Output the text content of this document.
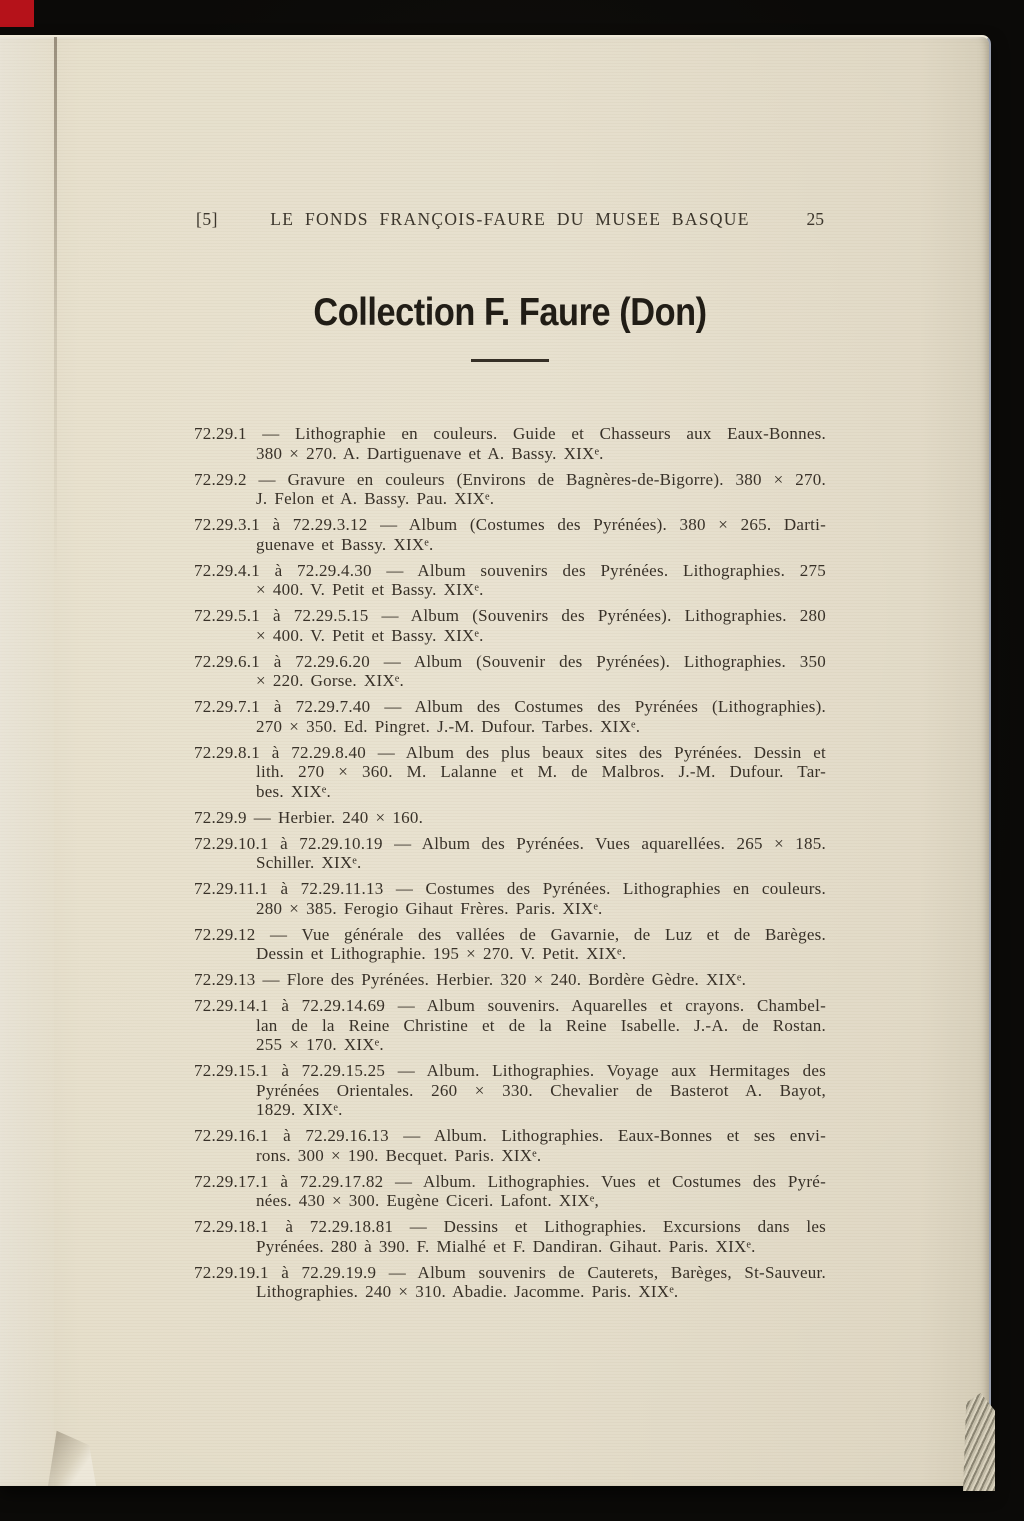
[5]	LE FONDS FRANÇOIS-FAURE DU MUSEE BASQUE	25
Collection F. Faure (Don)
72.29.1 — Lithographie en couleurs. Guide et Chasseurs aux Eaux-Bonnes.
380 × 270. A. Dartiguenave et A. Bassy. XIXᵉ.
72.29.2 — Gravure en couleurs (Environs de Bagnères-de-Bigorre). 380 × 270.
J. Felon et A. Bassy. Pau. XIXᵉ.
72.29.3.1 à 72.29.3.12 — Album (Costumes des Pyrénées). 380 × 265. Darti-
guenave et Bassy. XIXᵉ.
72.29.4.1 à 72.29.4.30 — Album souvenirs des Pyrénées. Lithographies. 275
× 400. V. Petit et Bassy. XIXᵉ.
72.29.5.1 à 72.29.5.15 — Album (Souvenirs des Pyrénées). Lithographies. 280
× 400. V. Petit et Bassy. XIXᵉ.
72.29.6.1 à 72.29.6.20 — Album (Souvenir des Pyrénées). Lithographies. 350
× 220. Gorse. XIXᵉ.
72.29.7.1 à 72.29.7.40 — Album des Costumes des Pyrénées (Lithographies).
270 × 350. Ed. Pingret. J.-M. Dufour. Tarbes. XIXᵉ.
72.29.8.1 à 72.29.8.40 — Album des plus beaux sites des Pyrénées. Dessin et
lith. 270 × 360. M. Lalanne et M. de Malbros. J.-M. Dufour. Tar-
bes. XIXᵉ.
72.29.9 — Herbier. 240 × 160.
72.29.10.1 à 72.29.10.19 — Album des Pyrénées. Vues aquarellées. 265 × 185.
Schiller. XIXᵉ.
72.29.11.1 à 72.29.11.13 — Costumes des Pyrénées. Lithographies en couleurs.
280 × 385. Ferogio Gihaut Frères. Paris. XIXᵉ.
72.29.12 — Vue générale des vallées de Gavarnie, de Luz et de Barèges.
Dessin et Lithographie. 195 × 270. V. Petit. XIXᵉ.
72.29.13 — Flore des Pyrénées. Herbier. 320 × 240. Bordère Gèdre. XIXᵉ.
72.29.14.1 à 72.29.14.69 — Album souvenirs. Aquarelles et crayons. Chambel-
lan de la Reine Christine et de la Reine Isabelle. J.-A. de Rostan.
255 × 170. XIXᵉ.
72.29.15.1 à 72.29.15.25 — Album. Lithographies. Voyage aux Hermitages des
Pyrénées Orientales. 260 × 330. Chevalier de Basterot A. Bayot,
1829. XIXᵉ.
72.29.16.1 à 72.29.16.13 — Album. Lithographies. Eaux-Bonnes et ses envi-
rons. 300 × 190. Becquet. Paris. XIXᵉ.
72.29.17.1 à 72.29.17.82 — Album. Lithographies. Vues et Costumes des Pyré-
nées. 430 × 300. Eugène Ciceri. Lafont. XIXᵉ,
72.29.18.1 à 72.29.18.81 — Dessins et Lithographies. Excursions dans les
Pyrénées. 280 à 390. F. Mialhé et F. Dandiran. Gihaut. Paris. XIXᵉ.
72.29.19.1 à 72.29.19.9 — Album souvenirs de Cauterets, Barèges, St-Sauveur.
Lithographies. 240 × 310. Abadie. Jacomme. Paris. XIXᵉ.
